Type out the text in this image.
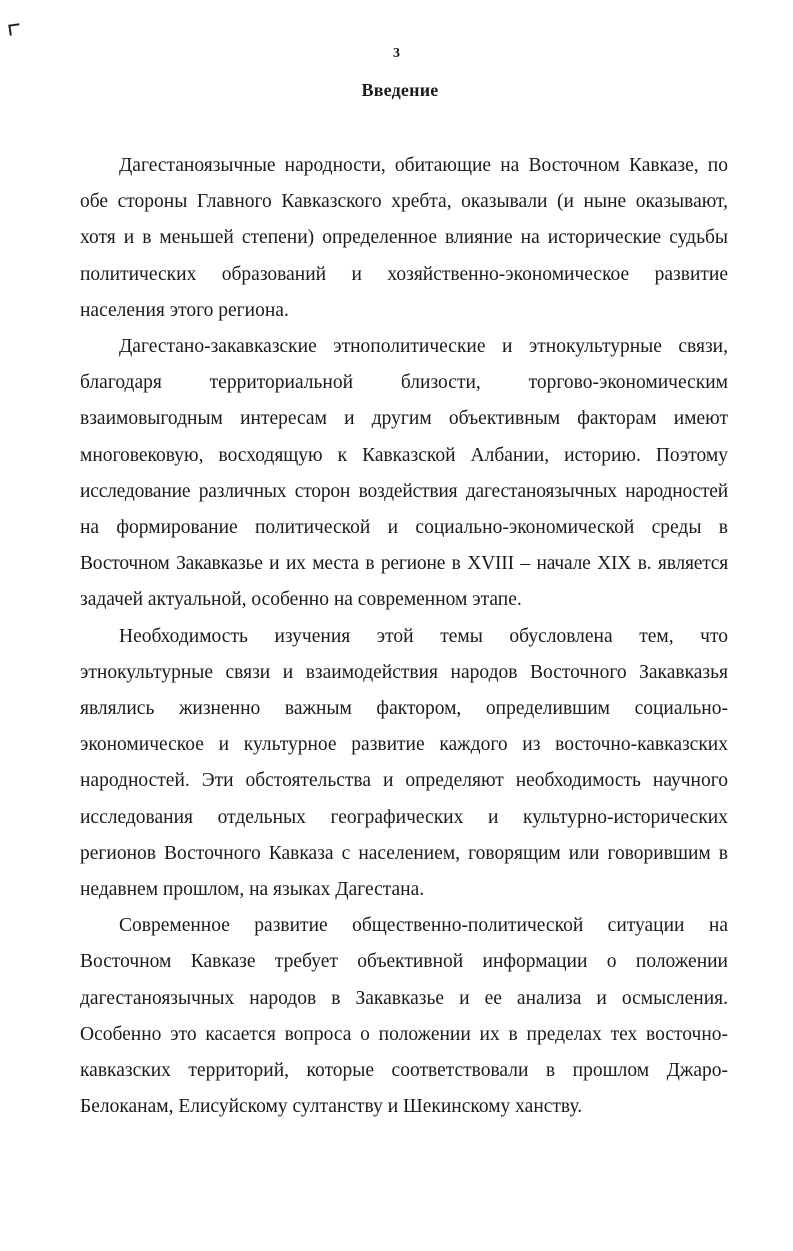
3
Введение

Дагестаноязычные народности, обитающие на Восточном Кавказе, по обе стороны Главного Кавказского хребта, оказывали (и ныне оказывают, хотя и в меньшей степени) определенное влияние на исторические судьбы политических образований и хозяйственно-экономическое развитие населения этого региона.

Дагестано-закавказские этнополитические и этнокультурные связи, благодаря территориальной близости, торгово-экономическим взаимовыгодным интересам и другим объективным факторам имеют многовековую, восходящую к Кавказской Албании, историю. Поэтому исследование различных сторон воздействия дагестаноязычных народностей на формирование политической и социально-экономической среды в Восточном Закавказье и их места в регионе в XVIII – начале XIX в. является задачей актуальной, особенно на современном этапе.

Необходимость изучения этой темы обусловлена тем, что этнокультурные связи и взаимодействия народов Восточного Закавказья являлись жизненно важным фактором, определившим социально- экономическое и культурное развитие каждого из восточно-кавказских народностей. Эти обстоятельства и определяют необходимость научного исследования отдельных географических и культурно-исторических регионов Восточного Кавказа с населением, говорящим или говорившим в недавнем прошлом, на языках Дагестана.

Современное развитие общественно-политической ситуации на Восточном Кавказе требует объективной информации о положении дагестаноязычных народов в Закавказье и ее анализа и осмысления. Особенно это касается вопроса о положении их в пределах тех восточно- кавказских территорий, которые соответствовали в прошлом Джаро- Белоканам, Елисуйскому султанству и Шекинскому ханству.
